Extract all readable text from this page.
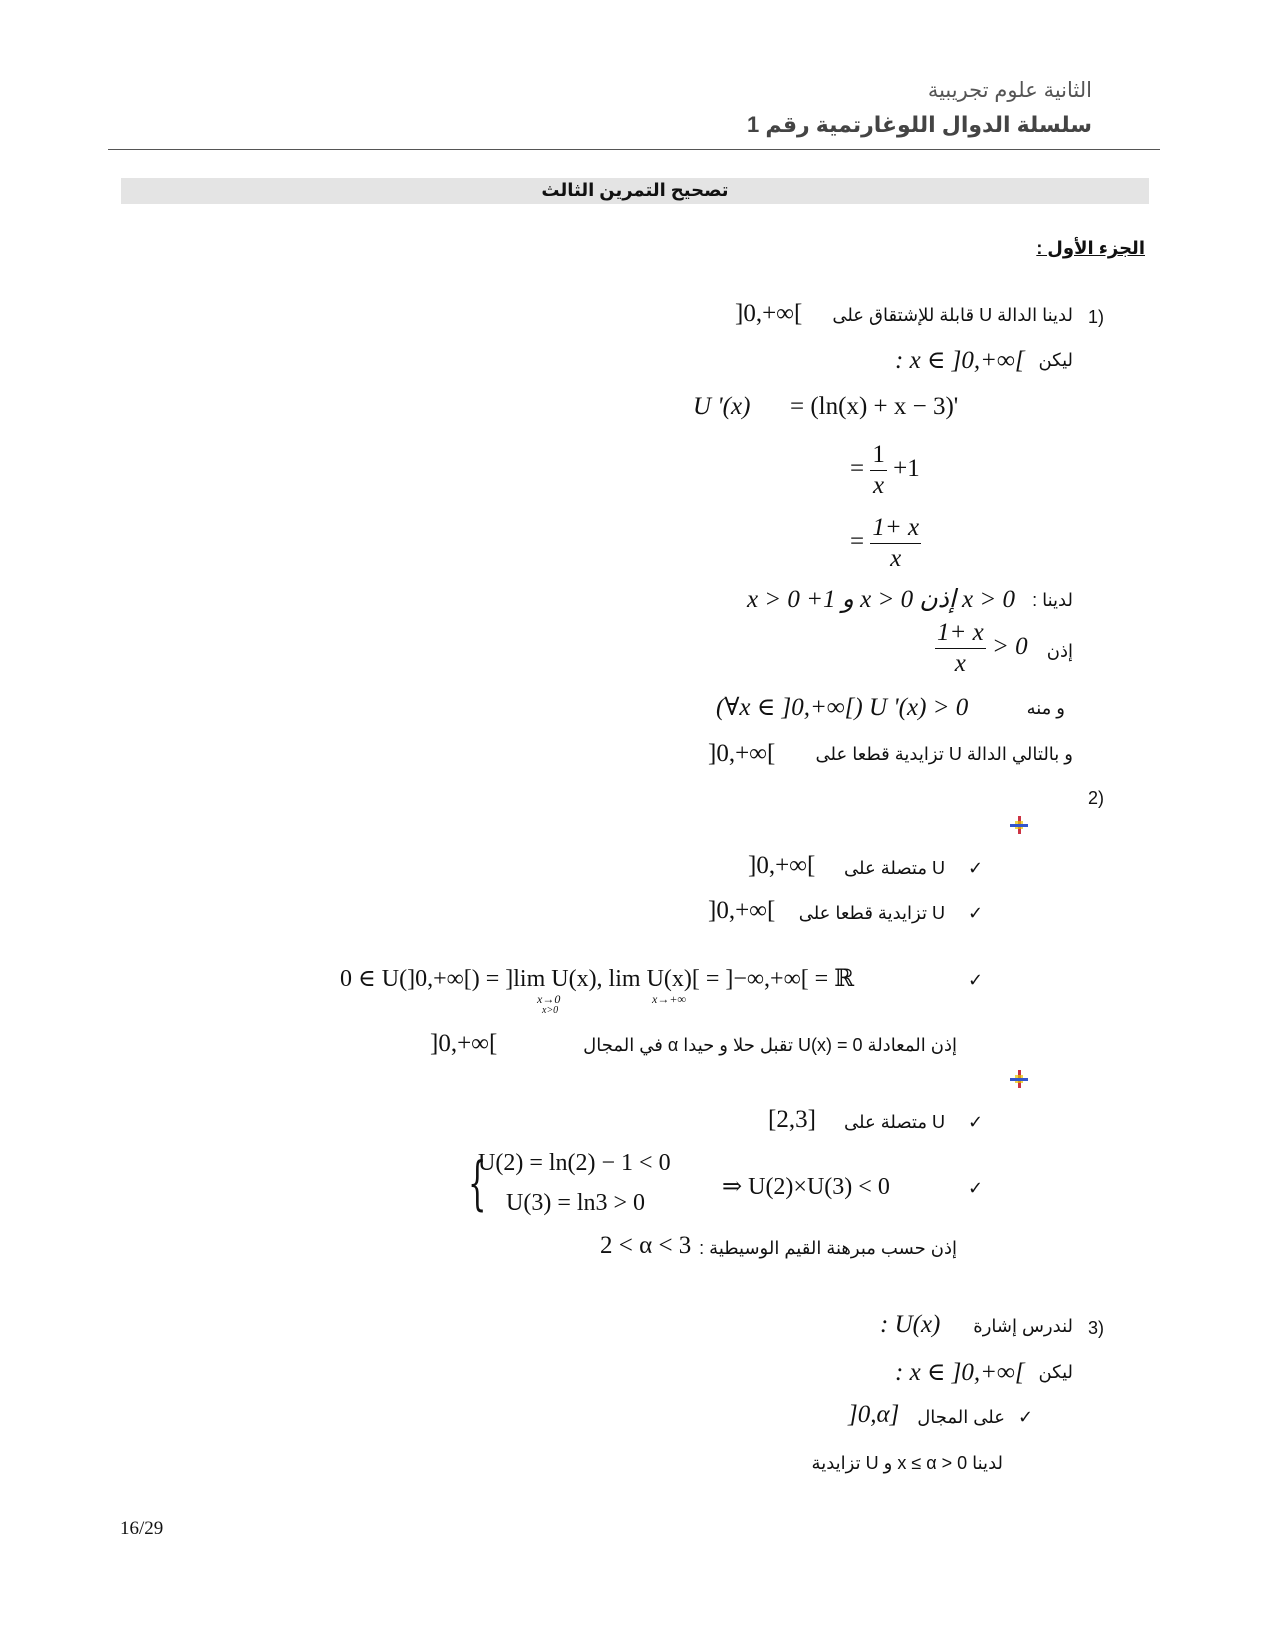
الثانية علوم تجريبية
سلسلة الدوال اللوغارتمية رقم 1
تصحيح التمرين الثالث
الجزء الأول :
(1
لدينا الدالة U قابلة للإشتقاق على
]0,+∞[
ليكن
: x ∈ ]0,+∞[
U '(x) = (ln(x) + x − 3)'
= $\frac{1}{x} +1$
= $\frac{1+ x}{x}$
لدينا :
x > 0 إذن x > 0 و 1+ x > 0
إذن
$\frac{1+ x}{x} > 0$
و منه
(∀x ∈ ]0,+∞[) U '(x) > 0
و بالتالي الدالة U تزايدية قطعا على
]0,+∞[
(2
✓
U متصلة على
]0,+∞[
✓
U تزايدية قطعا على
]0,+∞[
✓
0 ∈ U(]0,+∞[) = ]lim U(x), lim U(x)[ = ]−∞,+∞[ = ℝ
x→0
x>0
x→+∞
إذن المعادلة U(x) = 0 تقبل حلا و حيدا α في المجال
]0,+∞[
✓
U متصلة على
[2,3]
✓
{
U(2) = ln(2) − 1 < 0
U(3) = ln3 > 0
⇒ U(2)×U(3) < 0
إذن حسب مبرهنة القيم الوسيطية :
2 < α < 3
(3
لندرس إشارة
: U(x)
ليكن
: x ∈ ]0,+∞[
✓
على المجال
]0,α]
لدينا 0 < x ≤ α و U تزايدية
16/29
